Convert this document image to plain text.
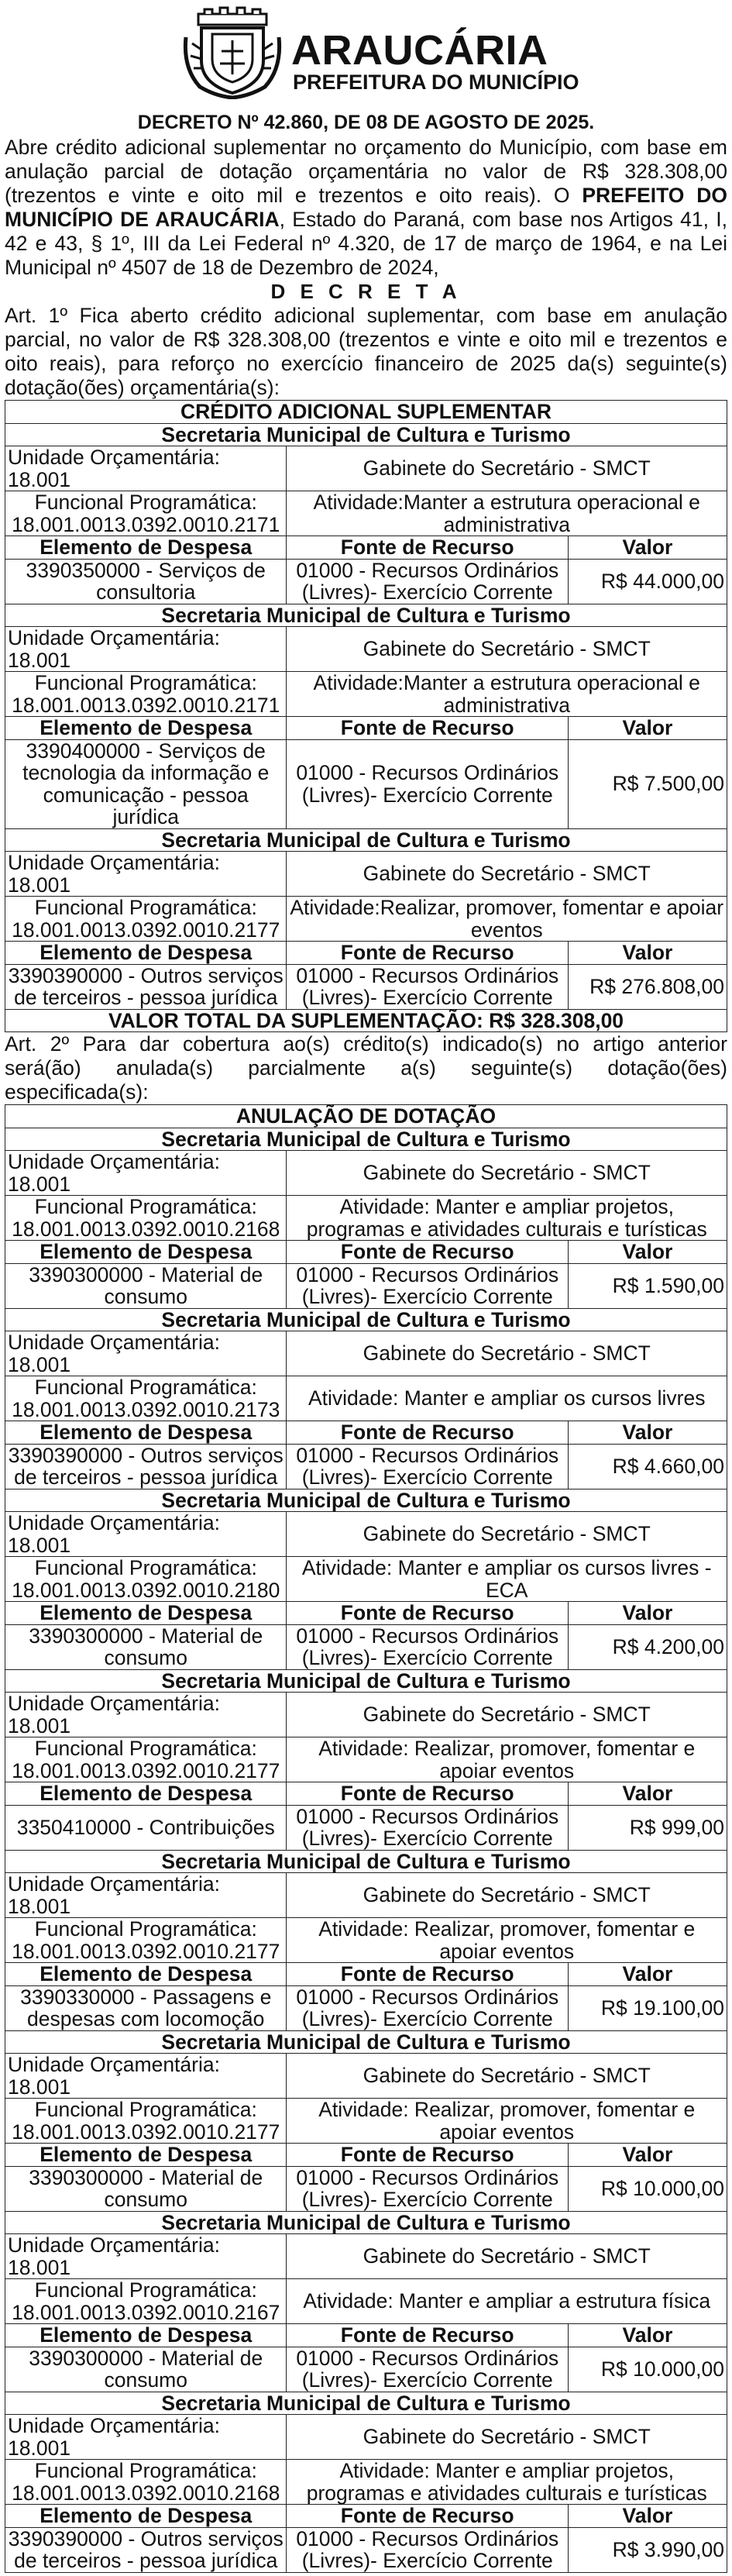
ARAUCÁRIA
PREFEITURA DO MUNICÍPIO
DECRETO Nº 42.860, DE 08 DE AGOSTO DE 2025.

Abre crédito adicional suplementar no orçamento do Município, com base em anulação parcial de dotação orçamentária no valor de R$ 328.308,00 (trezentos e vinte e oito mil e trezentos e oito reais). O PREFEITO DO MUNICÍPIO DE ARAUCÁRIA, Estado do Paraná, com base nos Artigos 41, I, 42 e 43, § 1º, III da Lei Federal nº 4.320, de 17 de março de 1964, e na Lei Municipal nº 4507 de 18 de Dezembro de 2024,

D E C R E T A

Art. 1º Fica aberto crédito adicional suplementar, com base em anulação parcial, no valor de R$ 328.308,00 (trezentos e vinte e oito mil e trezentos e oito reais), para reforço no exercício financeiro de 2025 da(s) seguinte(s) dotação(ões) orçamentária(s):

CRÉDITO ADICIONAL SUPLEMENTAR		
Secretaria Municipal de Cultura e Turismo		
Unidade Orçamentária: 18.001	Gabinete do Secretário - SMCT	

Funcional Programática:
18.001.0013.0392.0010.2171	Atividade:Manter a estrutura operacional e administrativa	
Elemento de Despesa	Fonte de Recurso	Valor
3390350000 - Serviços de consultoria	01000 - Recursos Ordinários (Livres)- Exercício Corrente	R$ 44.000,00
Secretaria Municipal de Cultura e Turismo		
Unidade Orçamentária: 18.001	Gabinete do Secretário - SMCT	

Funcional Programática:
18.001.0013.0392.0010.2171	Atividade:Manter a estrutura operacional e administrativa	
Elemento de Despesa	Fonte de Recurso	Valor
3390400000 - Serviços de tecnologia da informação e comunicação - pessoa jurídica	01000 - Recursos Ordinários (Livres)- Exercício Corrente	R$ 7.500,00
Secretaria Municipal de Cultura e Turismo		
Unidade Orçamentária: 18.001	Gabinete do Secretário - SMCT	

Funcional Programática:
18.001.0013.0392.0010.2177	Atividade:Realizar, promover, fomentar e apoiar eventos	
Elemento de Despesa	Fonte de Recurso	Valor
3390390000 - Outros serviços de terceiros - pessoa jurídica	01000 - Recursos Ordinários (Livres)- Exercício Corrente	R$ 276.808,00
VALOR TOTAL DA SUPLEMENTAÇÃO: R$ 328.308,00		

Art. 2º Para dar cobertura ao(s) crédito(s) indicado(s) no artigo anterior será(ão) anulada(s) parcialmente a(s) seguinte(s) dotação(ões) especificada(s):

ANULAÇÃO DE DOTAÇÃO		
Secretaria Municipal de Cultura e Turismo		
Unidade Orçamentária: 18.001	Gabinete do Secretário - SMCT	

Funcional Programática:
18.001.0013.0392.0010.2168	Atividade: Manter e ampliar projetos, programas e atividades culturais e turísticas	
Elemento de Despesa	Fonte de Recurso	Valor
3390300000 - Material de consumo	01000 - Recursos Ordinários (Livres)- Exercício Corrente	R$ 1.590,00
Secretaria Municipal de Cultura e Turismo		
Unidade Orçamentária: 18.001	Gabinete do Secretário - SMCT	

Funcional Programática:
18.001.0013.0392.0010.2173	Atividade: Manter e ampliar os cursos livres	
Elemento de Despesa	Fonte de Recurso	Valor
3390390000 - Outros serviços de terceiros - pessoa jurídica	01000 - Recursos Ordinários (Livres)- Exercício Corrente	R$ 4.660,00
Secretaria Municipal de Cultura e Turismo		
Unidade Orçamentária: 18.001	Gabinete do Secretário - SMCT	

Funcional Programática:
18.001.0013.0392.0010.2180	Atividade: Manter e ampliar os cursos livres - ECA	
Elemento de Despesa	Fonte de Recurso	Valor
3390300000 - Material de consumo	01000 - Recursos Ordinários (Livres)- Exercício Corrente	R$ 4.200,00
Secretaria Municipal de Cultura e Turismo		
Unidade Orçamentária: 18.001	Gabinete do Secretário - SMCT	

Funcional Programática:
18.001.0013.0392.0010.2177	Atividade: Realizar, promover, fomentar e apoiar eventos	
Elemento de Despesa	Fonte de Recurso	Valor
3350410000 - Contribuições	01000 - Recursos Ordinários (Livres)- Exercício Corrente	R$ 999,00
Secretaria Municipal de Cultura e Turismo		
Unidade Orçamentária: 18.001	Gabinete do Secretário - SMCT	

Funcional Programática:
18.001.0013.0392.0010.2177	Atividade: Realizar, promover, fomentar e apoiar eventos	
Elemento de Despesa	Fonte de Recurso	Valor
3390330000 - Passagens e despesas com locomoção	01000 - Recursos Ordinários (Livres)- Exercício Corrente	R$ 19.100,00
Secretaria Municipal de Cultura e Turismo		
Unidade Orçamentária: 18.001	Gabinete do Secretário - SMCT	

Funcional Programática:
18.001.0013.0392.0010.2177	Atividade: Realizar, promover, fomentar e apoiar eventos	
Elemento de Despesa	Fonte de Recurso	Valor
3390300000 - Material de consumo	01000 - Recursos Ordinários (Livres)- Exercício Corrente	R$ 10.000,00
Secretaria Municipal de Cultura e Turismo		
Unidade Orçamentária: 18.001	Gabinete do Secretário - SMCT	

Funcional Programática:
18.001.0013.0392.0010.2167	Atividade: Manter e ampliar a estrutura física	
Elemento de Despesa	Fonte de Recurso	Valor
3390300000 - Material de consumo	01000 - Recursos Ordinários (Livres)- Exercício Corrente	R$ 10.000,00
Secretaria Municipal de Cultura e Turismo		
Unidade Orçamentária: 18.001	Gabinete do Secretário - SMCT	

Funcional Programática:
18.001.0013.0392.0010.2168	Atividade: Manter e ampliar projetos, programas e atividades culturais e turísticas	
Elemento de Despesa	Fonte de Recurso	Valor
3390390000 - Outros serviços de terceiros - pessoa jurídica	01000 - Recursos Ordinários (Livres)- Exercício Corrente	R$ 3.990,00
